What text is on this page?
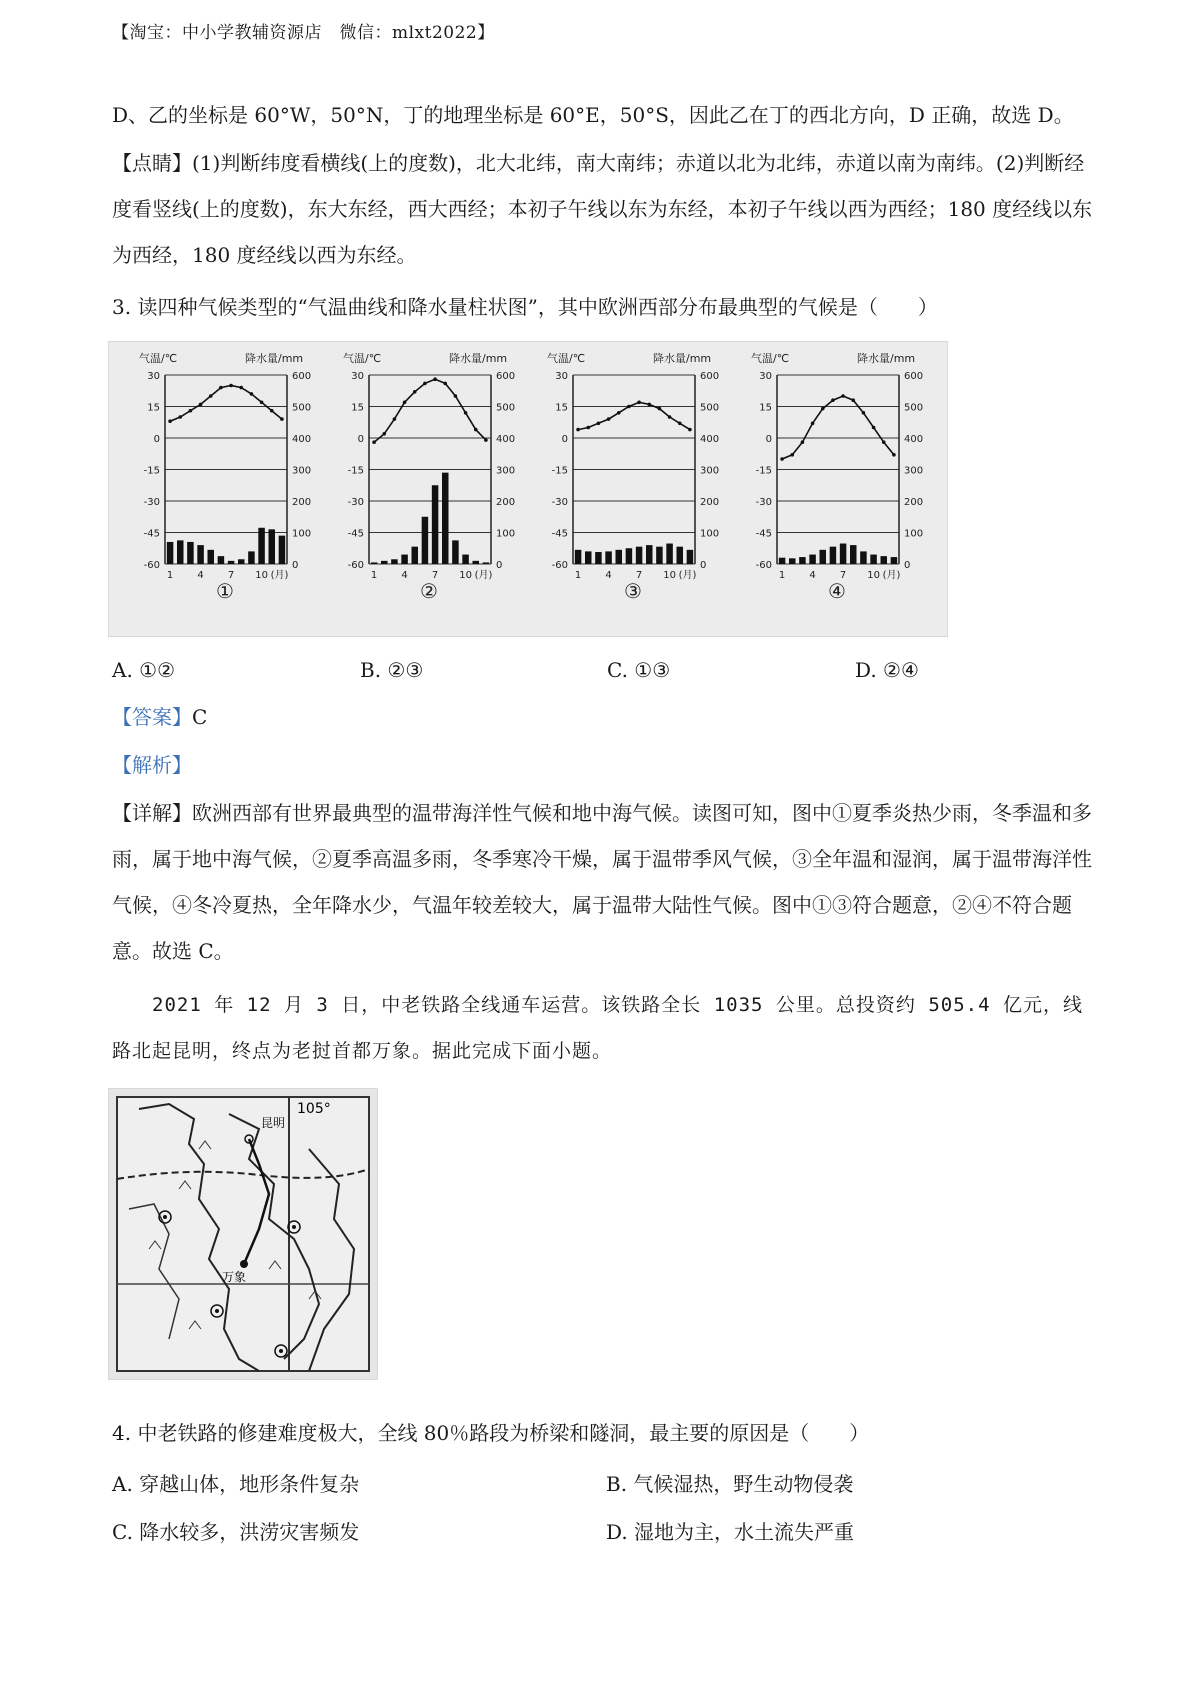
【淘宝：中小学教辅资源店　微信：mlxt2022】
D、乙的坐标是 60°W，50°N，丁的地理坐标是 60°E，50°S，因此乙在丁的西北方向，D 正确，故选 D。
【点睛】(1)判断纬度看横线(上的度数)，北大北纬，南大南纬；赤道以北为北纬，赤道以南为南纬。(2)判断经度看竖线(上的度数)，东大东经，西大西经；本初子午线以东为东经，本初子午线以西为西经；180 度经线以东为西经，180 度经线以西为东经。
3. 读四种气候类型的“气温曲线和降水量柱状图”，其中欧洲西部分布最典型的气候是（　　）
气温/℃	降水量/mm
30
15
0
-15
-30
-45
-60
600
500
400
300
200
100
0
1 4 7 10 (月)
①
气温/℃	降水量/mm
30
15
0
-15
-30
-45
-60
600
500
400
300
200
100
0
1 4 7 10 (月)
②
气温/℃	降水量/mm
30
15
0
-15
-30
-45
-60
600
500
400
300
200
100
0
1 4 7 10 (月)
③
气温/℃	降水量/mm
30
15
0
-15
-30
-45
-60
600
500
400
300
200
100
0
1 4 7 10 (月)
④
A. ①②	B. ②③	C. ①③	D. ②④
【答案】C
【解析】
【详解】欧洲西部有世界最典型的温带海洋性气候和地中海气候。读图可知，图中①夏季炎热少雨，冬季温和多雨，属于地中海气候，②夏季高温多雨，冬季寒冷干燥，属于温带季风气候，③全年温和湿润，属于温带海洋性气候，④冬冷夏热，全年降水少，气温年较差较大，属于温带大陆性气候。图中①③符合题意，②④不符合题意。故选 C。
2021 年 12 月 3 日，中老铁路全线通车运营。该铁路全长 1035 公里。总投资约 505.4 亿元，线路北起昆明，终点为老挝首都万象。据此完成下面小题。
昆明
万象
105°
4. 中老铁路的修建难度极大，全线 80％路段为桥梁和隧洞，最主要的原因是（　　）
A. 穿越山体，地形条件复杂	B. 气候湿热，野生动物侵袭
C. 降水较多，洪涝灾害频发	D. 湿地为主，水土流失严重
